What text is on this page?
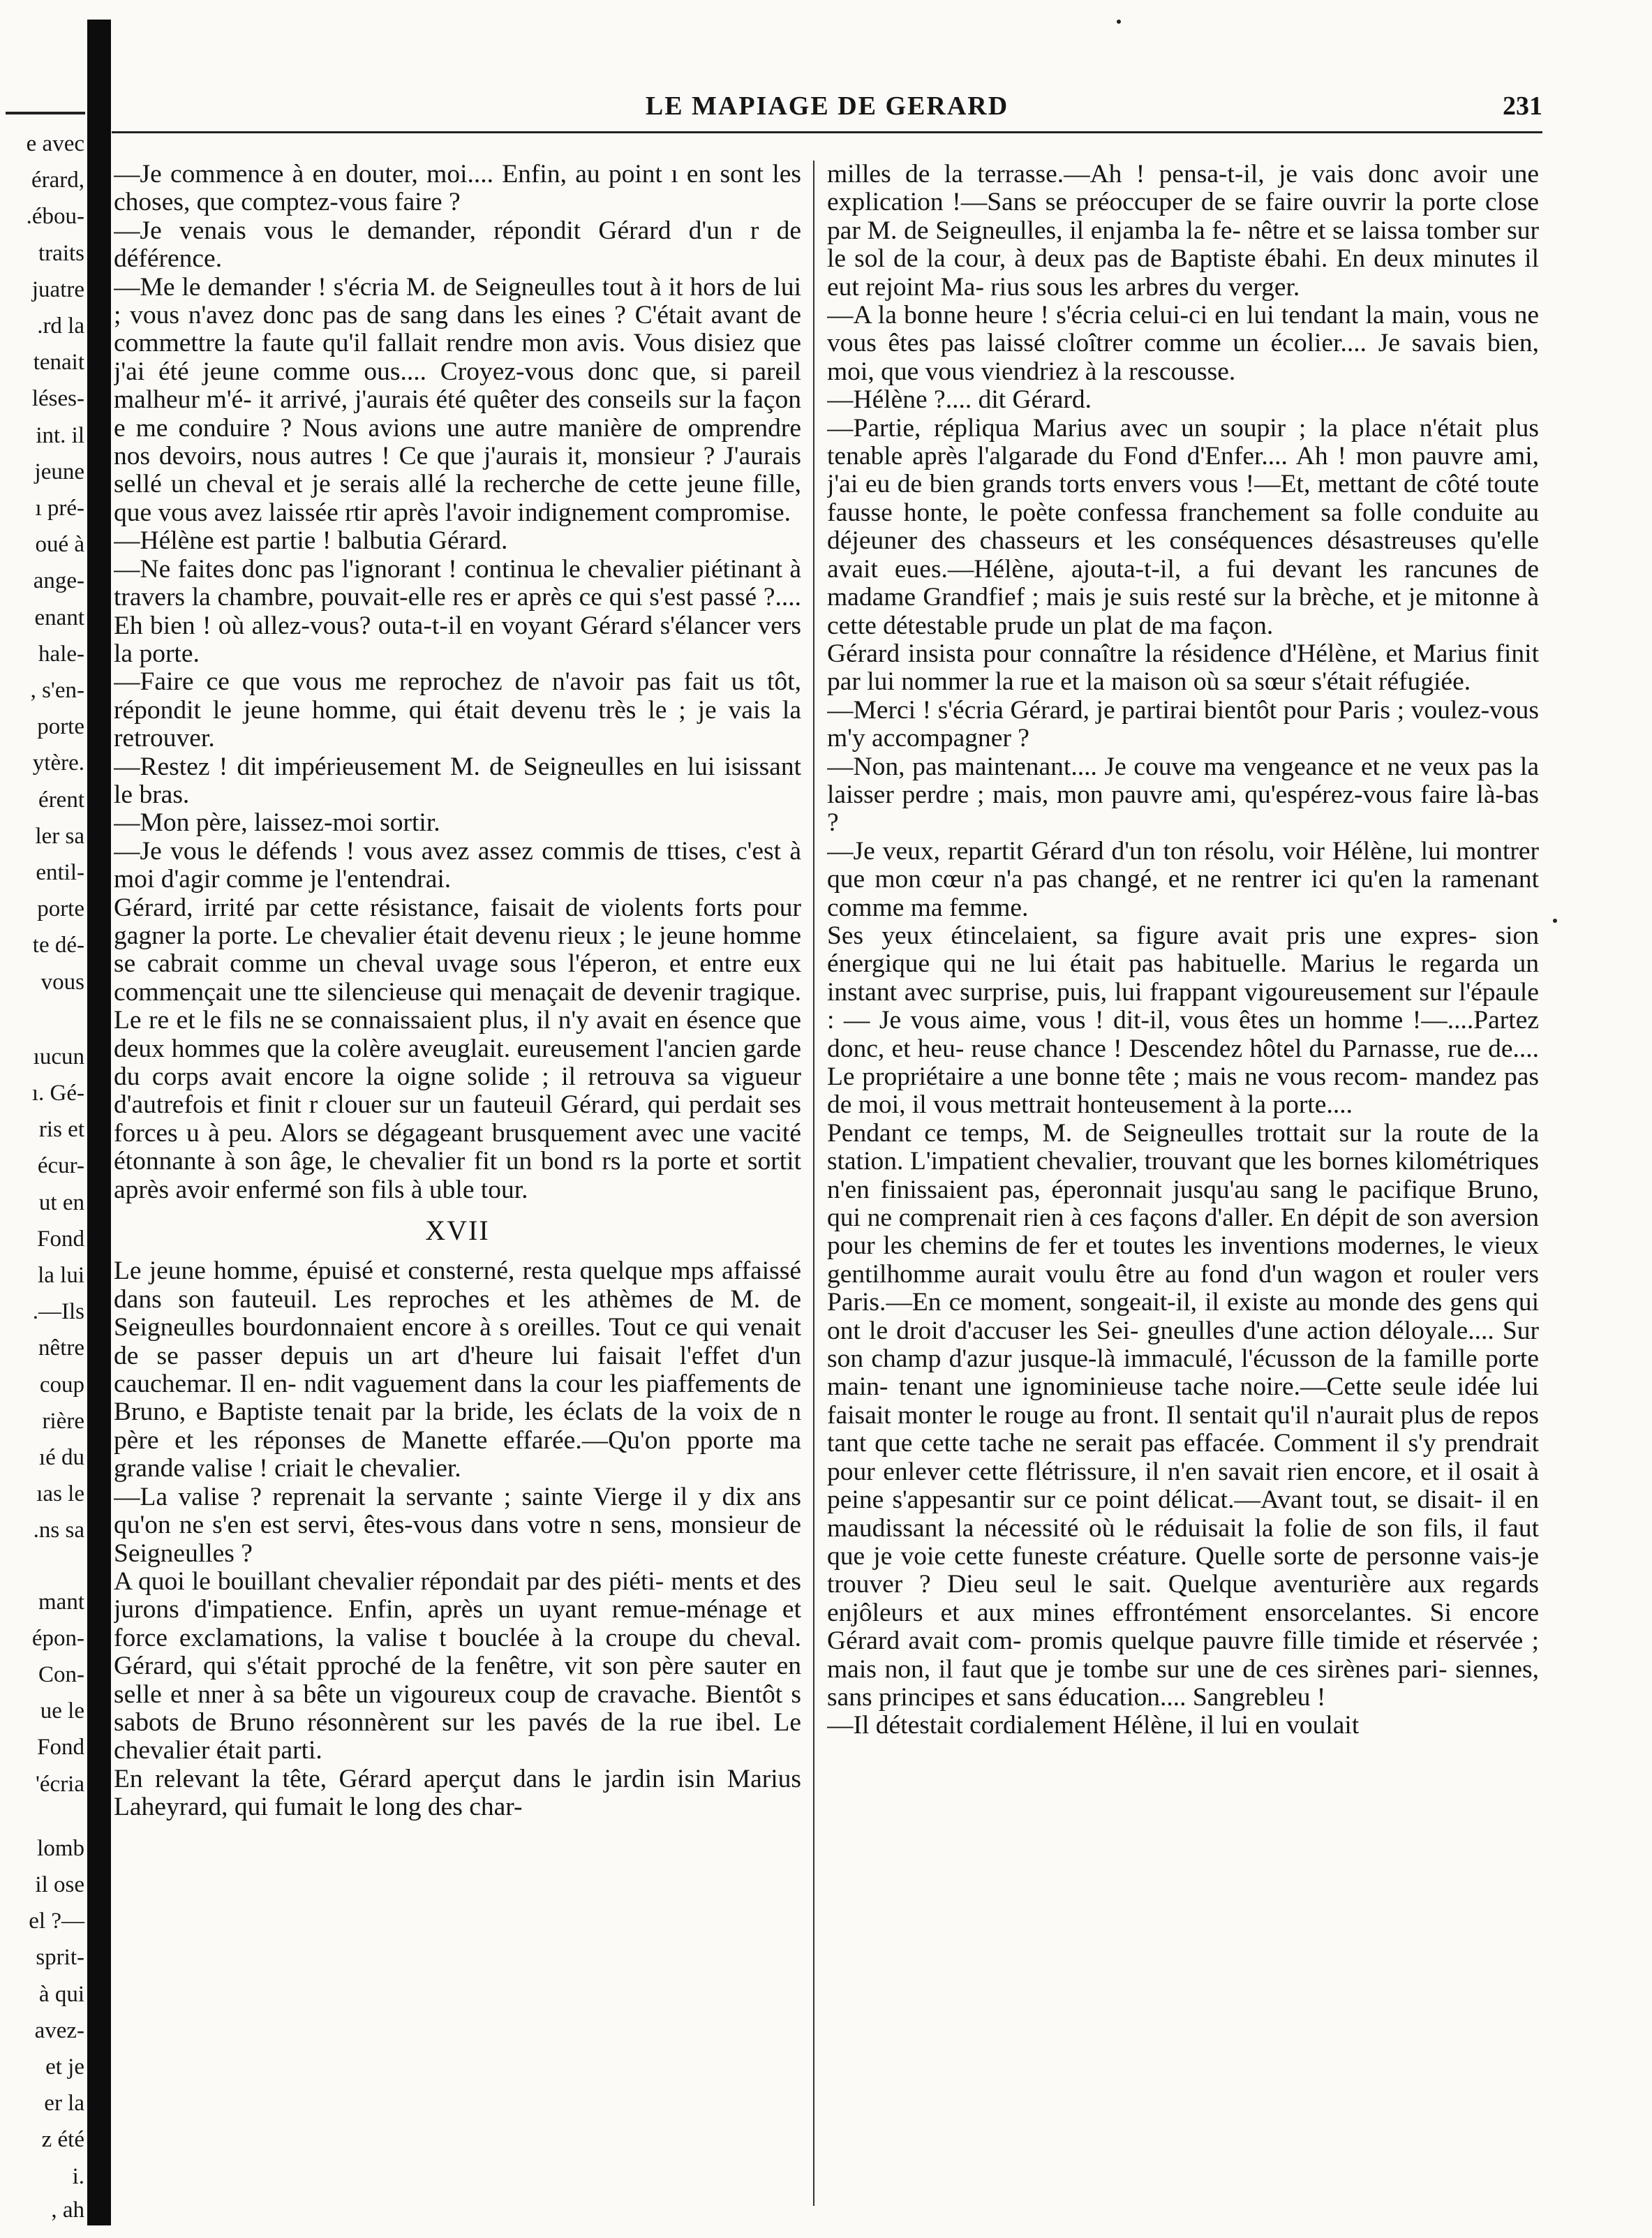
e avec
érard,
.ébou-
traits
juatre
.rd la
tenait
léses-
int. il
jeune
ı pré-
oué à
ange-
enant
hale-
, s'en-
porte
ytère.
érent
ler sa
entil-
porte
te dé-
vous
ıucun
ı. Gé-
ris et
écur-
ut en
Fond
la lui
.—Ils
nêtre
coup
rière
ıé du
ıas le
.ns sa
mant
épon-
Con-
ue le
Fond
'écria
lomb
il ose
el ?—
sprit-
à qui
avez-
et je
er la
z été
i.
, ah
LE MAPIAGE DE GERARD	231

—Je commence à en douter, moi.... Enfin, au point ı en sont les choses, que comptez-vous faire ?

—Je venais vous le demander, répondit Gérard d'un r de déférence.

—Me le demander ! s'écria M. de Seigneulles tout à it hors de lui ; vous n'avez donc pas de sang dans les eines ? C'était avant de commettre la faute qu'il fallait rendre mon avis. Vous disiez que j'ai été jeune comme ous.... Croyez-vous donc que, si pareil malheur m'é- it arrivé, j'aurais été quêter des conseils sur la façon e me conduire ? Nous avions une autre manière de omprendre nos devoirs, nous autres ! Ce que j'aurais it, monsieur ? J'aurais sellé un cheval et je serais allé la recherche de cette jeune fille, que vous avez laissée rtir après l'avoir indignement compromise.

—Hélène est partie ! balbutia Gérard.

—Ne faites donc pas l'ignorant ! continua le chevalier piétinant à travers la chambre, pouvait-elle res er après ce qui s'est passé ?.... Eh bien ! où allez-vous? outa-t-il en voyant Gérard s'élancer vers la porte.

—Faire ce que vous me reprochez de n'avoir pas fait us tôt, répondit le jeune homme, qui était devenu très le ; je vais la retrouver.

—Restez ! dit impérieusement M. de Seigneulles en lui isissant le bras.

—Mon père, laissez-moi sortir.

—Je vous le défends ! vous avez assez commis de ttises, c'est à moi d'agir comme je l'entendrai.

Gérard, irrité par cette résistance, faisait de violents forts pour gagner la porte. Le chevalier était devenu rieux ; le jeune homme se cabrait comme un cheval uvage sous l'éperon, et entre eux commençait une tte silencieuse qui menaçait de devenir tragique. Le re et le fils ne se connaissaient plus, il n'y avait en ésence que deux hommes que la colère aveuglait. eureusement l'ancien garde du corps avait encore la oigne solide ; il retrouva sa vigueur d'autrefois et finit r clouer sur un fauteuil Gérard, qui perdait ses forces u à peu. Alors se dégageant brusquement avec une vacité étonnante à son âge, le chevalier fit un bond rs la porte et sortit après avoir enfermé son fils à uble tour.

XVII

Le jeune homme, épuisé et consterné, resta quelque mps affaissé dans son fauteuil. Les reproches et les athèmes de M. de Seigneulles bourdonnaient encore à s oreilles. Tout ce qui venait de se passer depuis un art d'heure lui faisait l'effet d'un cauchemar. Il en- ndit vaguement dans la cour les piaffements de Bruno, e Baptiste tenait par la bride, les éclats de la voix de n père et les réponses de Manette effarée.—Qu'on pporte ma grande valise ! criait le chevalier.

—La valise ? reprenait la servante ; sainte Vierge il y dix ans qu'on ne s'en est servi, êtes-vous dans votre n sens, monsieur de Seigneulles ?

A quoi le bouillant chevalier répondait par des piéti- ments et des jurons d'impatience. Enfin, après un uyant remue-ménage et force exclamations, la valise t bouclée à la croupe du cheval. Gérard, qui s'était pproché de la fenêtre, vit son père sauter en selle et nner à sa bête un vigoureux coup de cravache. Bientôt s sabots de Bruno résonnèrent sur les pavés de la rue ibel. Le chevalier était parti.

En relevant la tête, Gérard aperçut dans le jardin isin Marius Laheyrard, qui fumait le long des char-

milles de la terrasse.—Ah ! pensa-t-il, je vais donc avoir une explication !—Sans se préoccuper de se faire ouvrir la porte close par M. de Seigneulles, il enjamba la fe- nêtre et se laissa tomber sur le sol de la cour, à deux pas de Baptiste ébahi. En deux minutes il eut rejoint Ma- rius sous les arbres du verger.

—A la bonne heure ! s'écria celui-ci en lui tendant la main, vous ne vous êtes pas laissé cloîtrer comme un écolier.... Je savais bien, moi, que vous viendriez à la rescousse.

—Hélène ?.... dit Gérard.

—Partie, répliqua Marius avec un soupir ; la place n'était plus tenable après l'algarade du Fond d'Enfer.... Ah ! mon pauvre ami, j'ai eu de bien grands torts envers vous !—Et, mettant de côté toute fausse honte, le poète confessa franchement sa folle conduite au déjeuner des chasseurs et les conséquences désastreuses qu'elle avait eues.—Hélène, ajouta-t-il, a fui devant les rancunes de madame Grandfief ; mais je suis resté sur la brèche, et je mitonne à cette détestable prude un plat de ma façon.

Gérard insista pour connaître la résidence d'Hélène, et Marius finit par lui nommer la rue et la maison où sa sœur s'était réfugiée.

—Merci ! s'écria Gérard, je partirai bientôt pour Paris ; voulez-vous m'y accompagner ?

—Non, pas maintenant.... Je couve ma vengeance et ne veux pas la laisser perdre ; mais, mon pauvre ami, qu'espérez-vous faire là-bas ?

—Je veux, repartit Gérard d'un ton résolu, voir Hélène, lui montrer que mon cœur n'a pas changé, et ne rentrer ici qu'en la ramenant comme ma femme.

Ses yeux étincelaient, sa figure avait pris une expres- sion énergique qui ne lui était pas habituelle. Marius le regarda un instant avec surprise, puis, lui frappant vigoureusement sur l'épaule : — Je vous aime, vous ! dit-il, vous êtes un homme !—....Partez donc, et heu- reuse chance ! Descendez hôtel du Parnasse, rue de.... Le propriétaire a une bonne tête ; mais ne vous recom- mandez pas de moi, il vous mettrait honteusement à la porte....

Pendant ce temps, M. de Seigneulles trottait sur la route de la station. L'impatient chevalier, trouvant que les bornes kilométriques n'en finissaient pas, éperonnait jusqu'au sang le pacifique Bruno, qui ne comprenait rien à ces façons d'aller. En dépit de son aversion pour les chemins de fer et toutes les inventions modernes, le vieux gentilhomme aurait voulu être au fond d'un wagon et rouler vers Paris.—En ce moment, songeait-il, il existe au monde des gens qui ont le droit d'accuser les Sei- gneulles d'une action déloyale.... Sur son champ d'azur jusque-là immaculé, l'écusson de la famille porte main- tenant une ignominieuse tache noire.—Cette seule idée lui faisait monter le rouge au front. Il sentait qu'il n'aurait plus de repos tant que cette tache ne serait pas effacée. Comment il s'y prendrait pour enlever cette flétrissure, il n'en savait rien encore, et il osait à peine s'appesantir sur ce point délicat.—Avant tout, se disait- il en maudissant la nécessité où le réduisait la folie de son fils, il faut que je voie cette funeste créature. Quelle sorte de personne vais-je trouver ? Dieu seul le sait. Quelque aventurière aux regards enjôleurs et aux mines effrontément ensorcelantes. Si encore Gérard avait com- promis quelque pauvre fille timide et réservée ; mais non, il faut que je tombe sur une de ces sirènes pari- siennes, sans principes et sans éducation.... Sangrebleu !

—Il détestait cordialement Hélène, il lui en voulait
